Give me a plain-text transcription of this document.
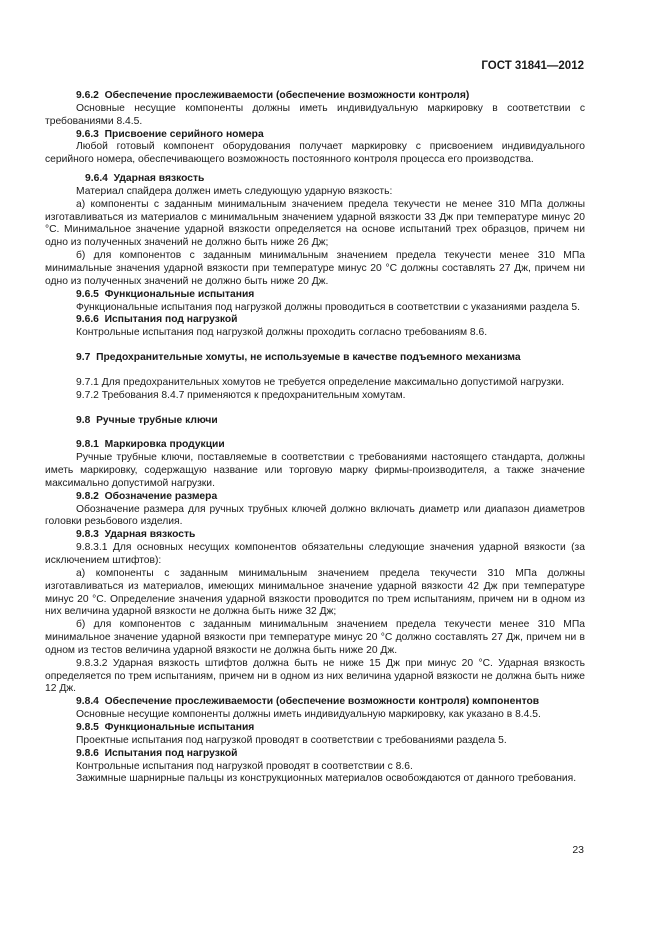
ГОСТ 31841—2012

9.6.2 Обеспечение прослеживаемости (обеспечение возможности контроля)

Основные несущие компоненты должны иметь индивидуальную маркировку в соответствии с требованиями 8.4.5.

9.6.3 Присвоение серийного номера

Любой готовый компонент оборудования получает маркировку с присвоением индивидуального серийного номера, обеспечивающего возможность постоянного контроля процесса его производства.

9.6.4 Ударная вязкость

Материал спайдера должен иметь следующую ударную вязкость:

а) компоненты с заданным минимальным значением предела текучести не менее 310 МПа должны изготавливаться из материалов с минимальным значением ударной вязкости 33 Дж при температуре минус 20 °С. Минимальное значение ударной вязкости определяется на основе испытаний трех образцов, причем ни одно из полученных значений не должно быть ниже 26 Дж;

б) для компонентов с заданным минимальным значением предела текучести менее 310 МПа минимальные значения ударной вязкости при температуре минус 20 °С должны составлять 27 Дж, причем ни одно из полученных значений не должно быть ниже 20 Дж.

9.6.5 Функциональные испытания

Функциональные испытания под нагрузкой должны проводиться в соответствии с указаниями раздела 5.

9.6.6 Испытания под нагрузкой

Контрольные испытания под нагрузкой должны проходить согласно требованиям 8.6.

9.7 Предохранительные хомуты, не используемые в качестве подъемного механизма

9.7.1 Для предохранительных хомутов не требуется определение максимально допустимой нагрузки.

9.7.2 Требования 8.4.7 применяются к предохранительным хомутам.

9.8 Ручные трубные ключи

9.8.1 Маркировка продукции

Ручные трубные ключи, поставляемые в соответствии с требованиями настоящего стандарта, должны иметь маркировку, содержащую название или торговую марку фирмы-производителя, а также значение максимально допустимой нагрузки.

9.8.2 Обозначение размера

Обозначение размера для ручных трубных ключей должно включать диаметр или диапазон диаметров головки резьбового изделия.

9.8.3 Ударная вязкость

9.8.3.1 Для основных несущих компонентов обязательны следующие значения ударной вязкости (за исключением штифтов):

а) компоненты с заданным минимальным значением предела текучести 310 МПа должны изготавливаться из материалов, имеющих минимальное значение ударной вязкости 42 Дж при температуре минус 20 °С. Определение значения ударной вязкости проводится по трем испытаниям, причем ни в одном из них величина ударной вязкости не должна быть ниже 32 Дж;

б) для компонентов с заданным минимальным значением предела текучести менее 310 МПа минимальное значение ударной вязкости при температуре минус 20 °С должно составлять 27 Дж, причем ни в одном из тестов величина ударной вязкости не должна быть ниже 20 Дж.

9.8.3.2 Ударная вязкость штифтов должна быть не ниже 15 Дж при минус 20 °С. Ударная вязкость определяется по трем испытаниям, причем ни в одном из них величина ударной вязкости не должна быть ниже 12 Дж.

9.8.4 Обеспечение прослеживаемости (обеспечение возможности контроля) компонентов

Основные несущие компоненты должны иметь индивидуальную маркировку, как указано в 8.4.5.

9.8.5 Функциональные испытания

Проектные испытания под нагрузкой проводят в соответствии с требованиями раздела 5.

9.8.6 Испытания под нагрузкой

Контрольные испытания под нагрузкой проводят в соответствии с 8.6.

Зажимные шарнирные пальцы из конструкционных материалов освобождаются от данного требования.

23
